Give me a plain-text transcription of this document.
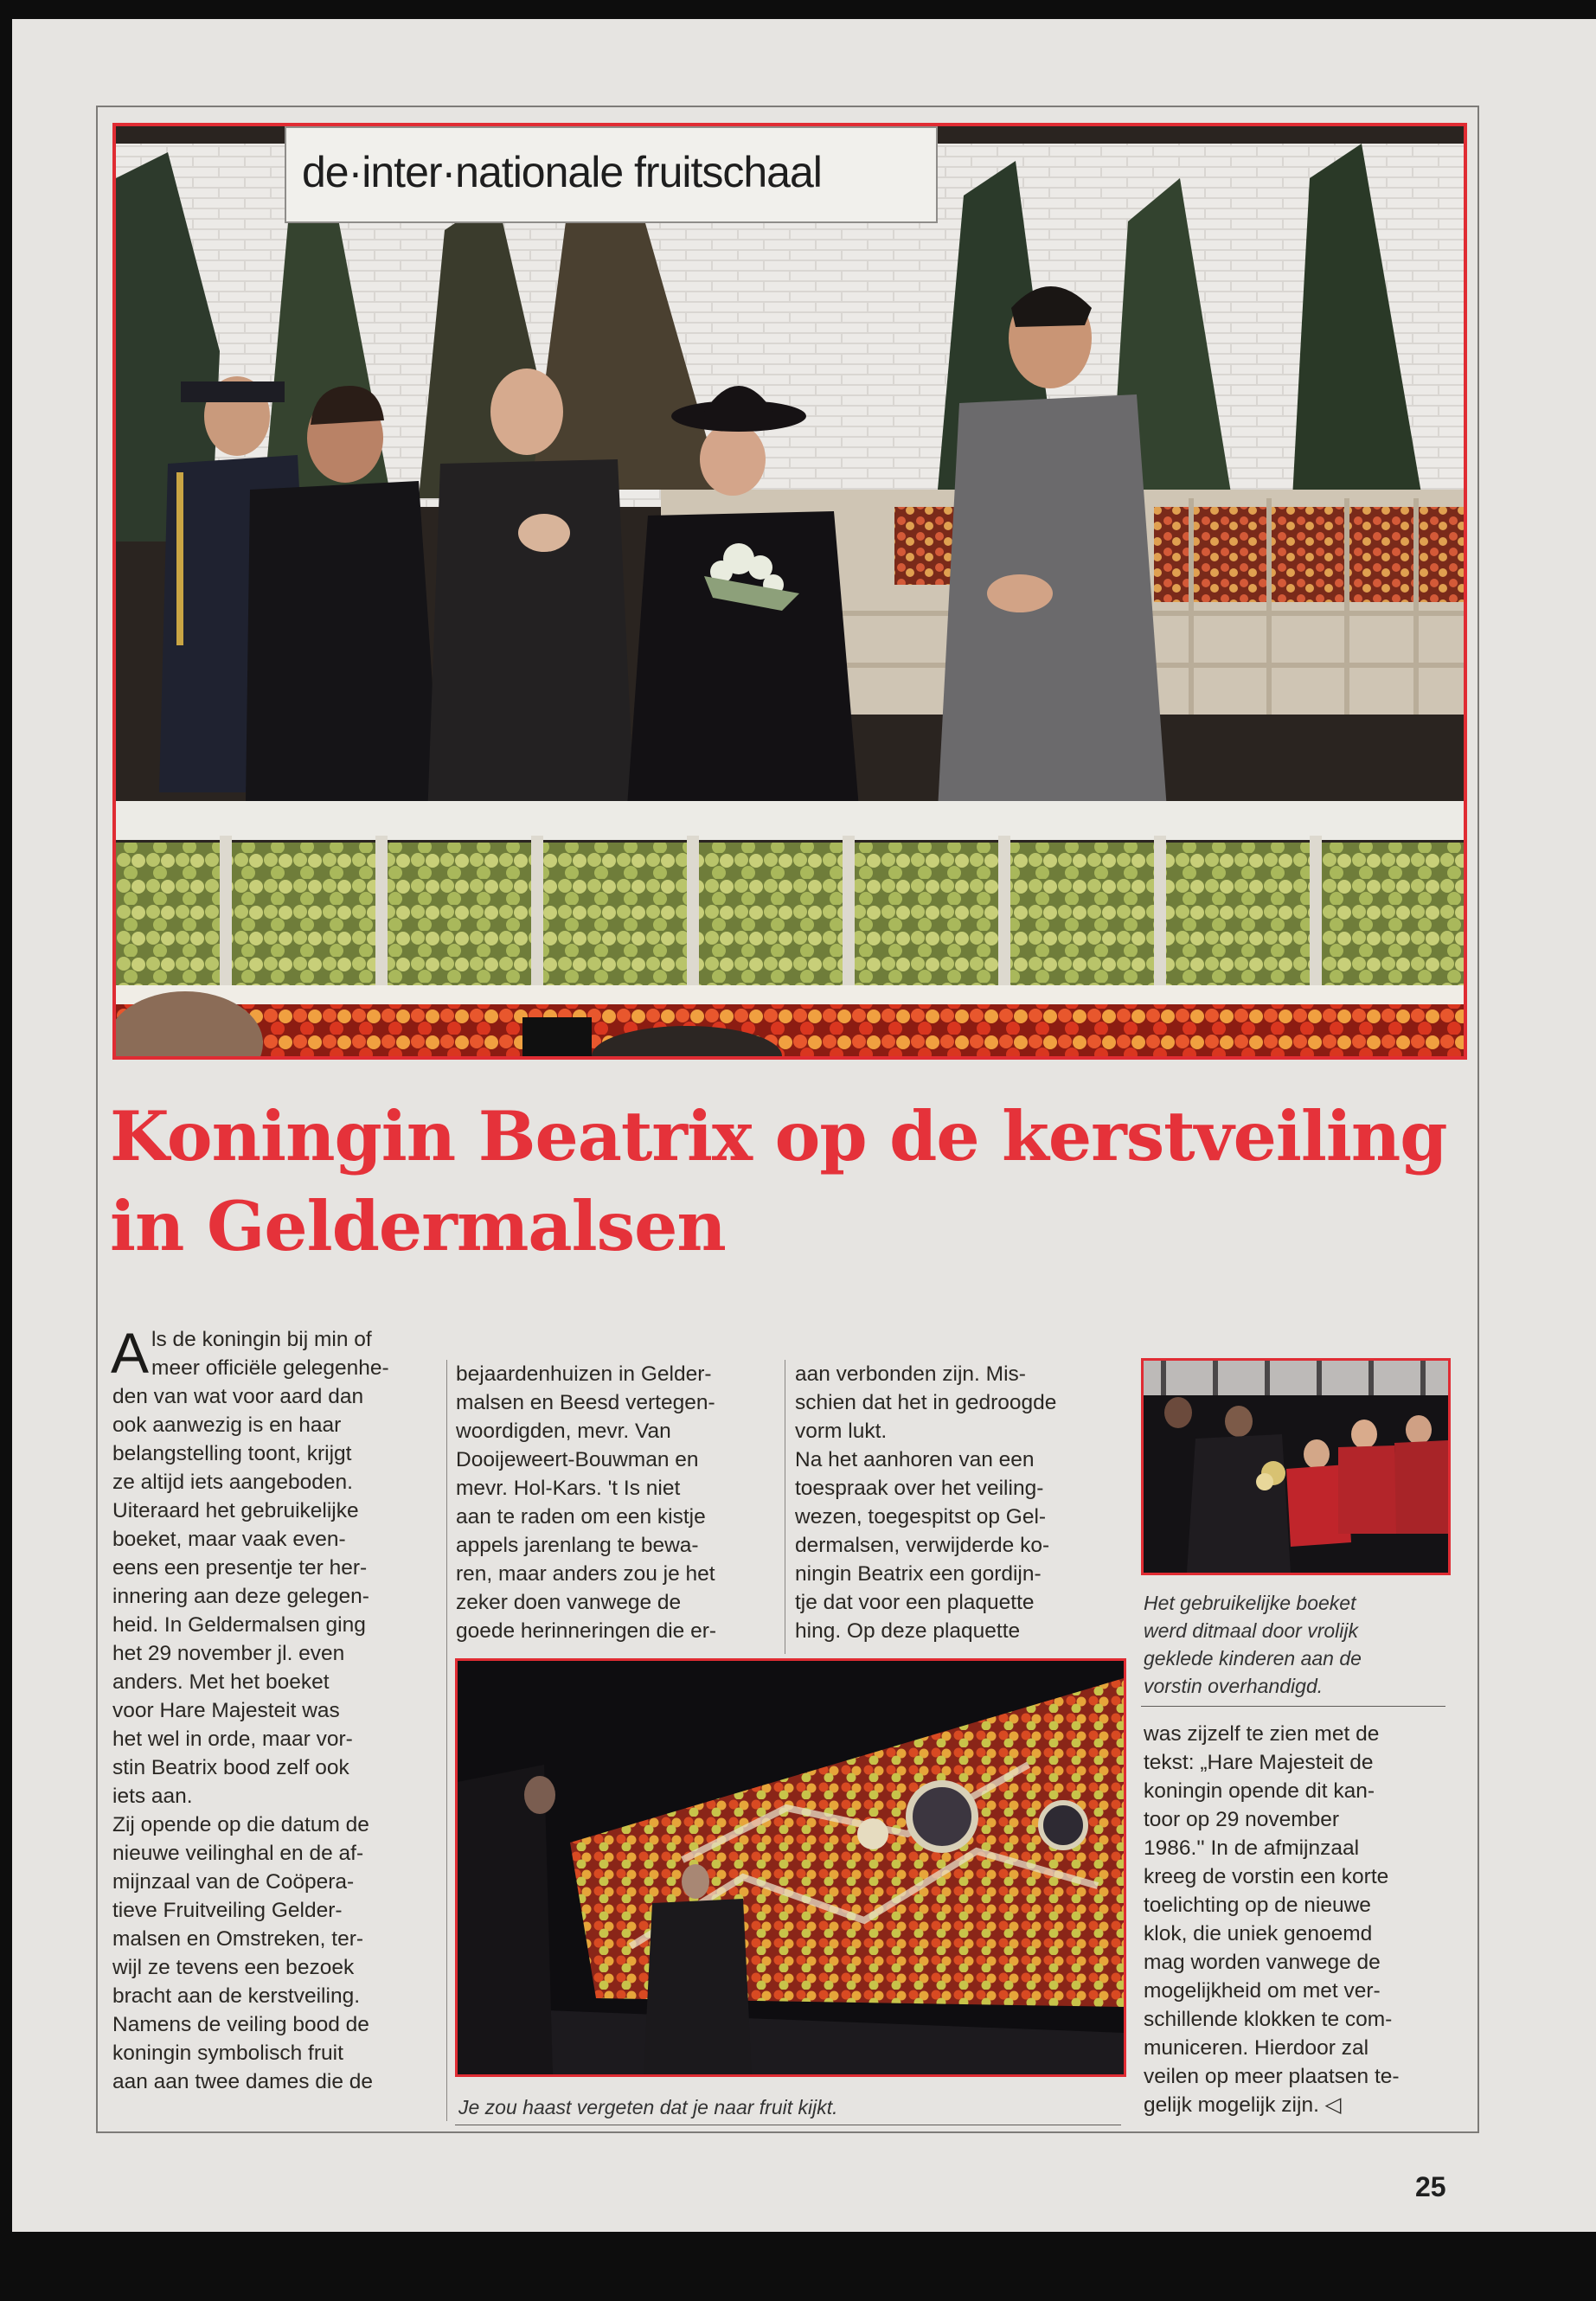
de·inter·nationale fruitschaal
Koningin Beatrix op de kerstveiling
in Geldermalsen
A ls de koningin bij min of
meer officiële gelegenhe-
den van wat voor aard dan
ook aanwezig is en haar
belangstelling toont, krijgt
ze altijd iets aangeboden.
Uiteraard het gebruikelijke
boeket, maar vaak even-
eens een presentje ter her-
innering aan deze gelegen-
heid. In Geldermalsen ging
het 29 november jl. even
anders. Met het boeket
voor Hare Majesteit was
het wel in orde, maar vor-
stin Beatrix bood zelf ook
iets aan.
Zij opende op die datum de
nieuwe veilinghal en de af-
mijnzaal van de Coöpera-
tieve Fruitveiling Gelder-
malsen en Omstreken, ter-
wijl ze tevens een bezoek
bracht aan de kerstveiling.
Namens de veiling bood de
koningin symbolisch fruit
aan aan twee dames die de

bejaardenhuizen in Gelder-
malsen en Beesd vertegen-
woordigden, mevr. Van
Dooijeweert-Bouwman en
mevr. Hol-Kars. 't Is niet
aan te raden om een kistje
appels jarenlang te bewa-
ren, maar anders zou je het
zeker doen vanwege de
goede herinneringen die er-

aan verbonden zijn. Mis-
schien dat het in gedroogde
vorm lukt.
Na het aanhoren van een
toespraak over het veiling-
wezen, toegespitst op Gel-
dermalsen, verwijderde ko-
ningin Beatrix een gordijn-
tje dat voor een plaquette
hing. Op deze plaquette

Je zou haast vergeten dat je naar fruit kijkt.

Het gebruikelijke boeket
werd ditmaal door vrolijk
geklede kinderen aan de
vorstin overhandigd.

was zijzelf te zien met de
tekst: „Hare Majesteit de
koningin opende dit kan-
toor op 29 november
1986.'' In de afmijnzaal
kreeg de vorstin een korte
toelichting op de nieuwe
klok, die uniek genoemd
mag worden vanwege de
mogelijkheid om met ver-
schillende klokken te com-
municeren. Hierdoor zal
veilen op meer plaatsen te-
gelijk mogelijk zijn. ◁

25
